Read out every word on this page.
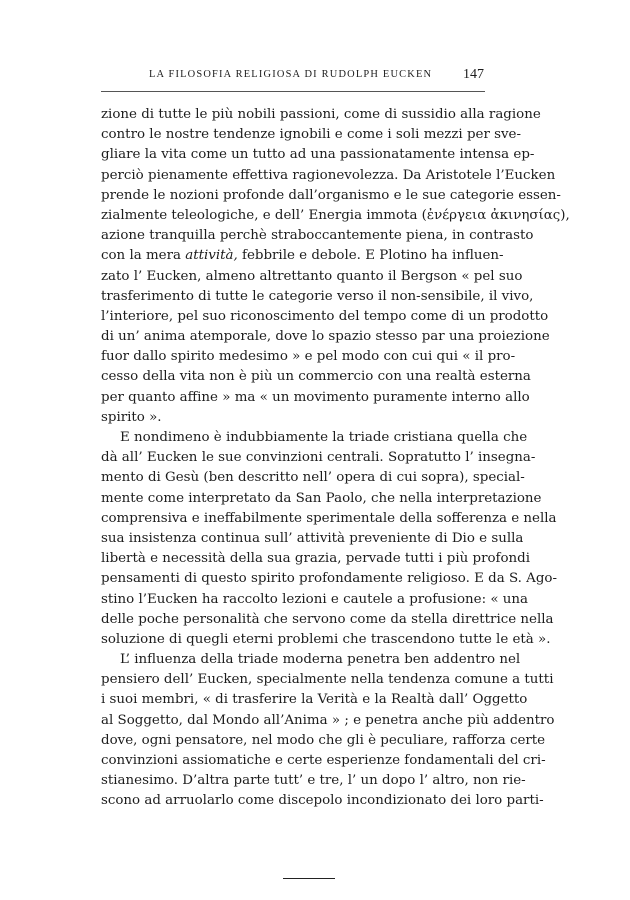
LA FILOSOFIA RELIGIOSA DI RUDOLPH EUCKEN 147
zione di tutte le più nobili passioni, come di sussidio alla ragione
contro le nostre tendenze ignobili e come i soli mezzi per sve-
gliare la vita come un tutto ad una passionatamente intensa ep-
perciò pienamente effettiva ragionevolezza. Da Aristotele l’Eucken
prende le nozioni profonde dall’organismo e le sue categorie essen-
zialmente teleologiche, e dell’ Energia immota (ἐνέργεια ἀκινησίας),
azione tranquilla perchè straboccantemente piena, in contrasto
con la mera attività, febbrile e debole. E Plotino ha influen-
zato l’ Eucken, almeno altrettanto quanto il Bergson « pel suo
trasferimento di tutte le categorie verso il non-sensibile, il vivo,
l’interiore, pel suo riconoscimento del tempo come di un prodotto
di un’ anima atemporale, dove lo spazio stesso par una proiezione
fuor dallo spirito medesimo » e pel modo con cui qui « il pro-
cesso della vita non è più un commercio con una realtà esterna
per quanto affine » ma « un movimento puramente interno allo
spirito ».
E nondimeno è indubbiamente la triade cristiana quella che
dà all’ Eucken le sue convinzioni centrali. Sopratutto l’ insegna-
mento di Gesù (ben descritto nell’ opera di cui sopra), special-
mente come interpretato da San Paolo, che nella interpretazione
comprensiva e ineffabilmente sperimentale della sofferenza e nella
sua insistenza continua sull’ attività preveniente di Dio e sulla
libertà e necessità della sua grazia, pervade tutti i più profondi
pensamenti di questo spirito profondamente religioso. E da S. Ago-
stino l’Eucken ha raccolto lezioni e cautele a profusione: « una
delle poche personalità che servono come da stella direttrice nella
soluzione di quegli eterni problemi che trascendono tutte le età ».
L’ influenza della triade moderna penetra ben addentro nel
pensiero dell’ Eucken, specialmente nella tendenza comune a tutti
i suoi membri, « di trasferire la Verità e la Realtà dall’ Oggetto
al Soggetto, dal Mondo all’Anima » ; e penetra anche più addentro
dove, ogni pensatore, nel modo che gli è peculiare, rafforza certe
convinzioni assiomatiche e certe esperienze fondamentali del cri-
stianesimo. D’altra parte tutt’ e tre, l’ un dopo l’ altro, non rie-
scono ad arruolarlo come discepolo incondizionato dei loro parti-
